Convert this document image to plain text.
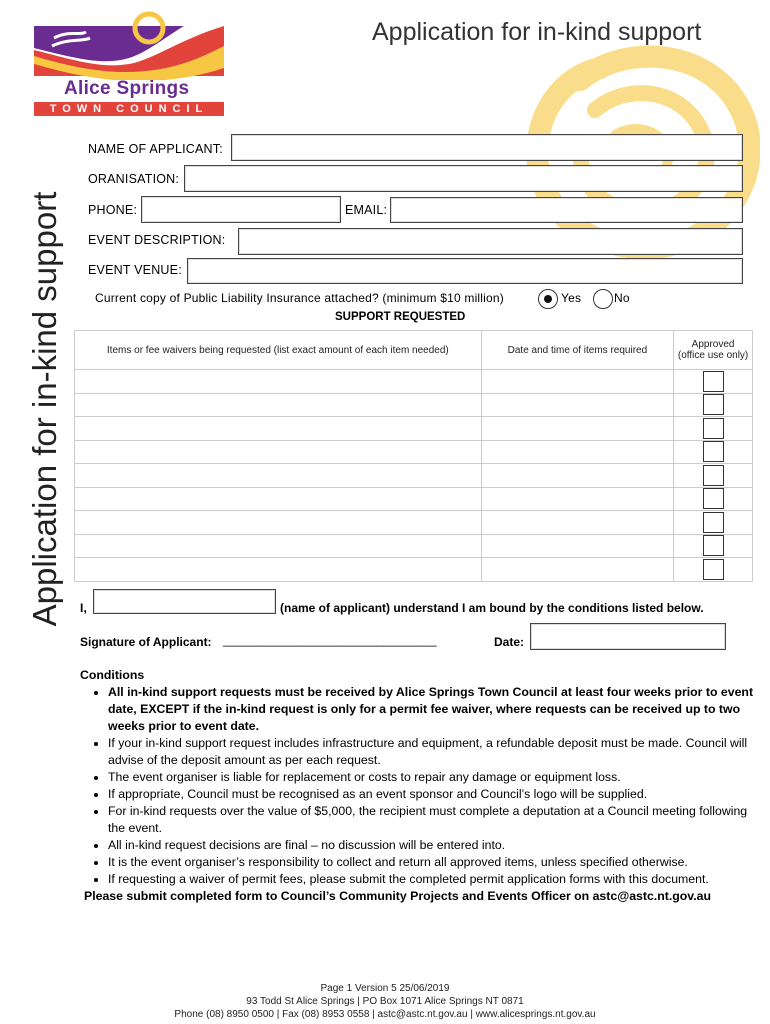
Alice Springs
TOWN COUNCIL
Application for in-kind support
Application for in-kind support
NAME OF APPLICANT:
ORANISATION:
PHONE:	EMAIL:
EVENT DESCRIPTION:
EVENT VENUE:
Current copy of Public Liability Insurance attached? (minimum $10 million)	Yes	No
SUPPORT REQUESTED
Items or fee waivers being requested (list exact amount of each item needed)	Date and time of items required	Approved
(office use only)

I,	(name of applicant) understand I am bound by the conditions listed below.
Signature of Applicant: ________________________________	Date:
Conditions
• All in-kind support requests must be received by Alice Springs Town Council at least four weeks prior to event date, EXCEPT if the in-kind request is only for a permit fee waiver, where requests can be received up to two weeks prior to event date.
• If your in-kind support request includes infrastructure and equipment, a refundable deposit must be made. Council will advise of the deposit amount as per each request.
• The event organiser is liable for replacement or costs to repair any damage or equipment loss.
• If appropriate, Council must be recognised as an event sponsor and Council’s logo will be supplied.
• For in-kind requests over the value of $5,000, the recipient must complete a deputation at a Council meeting following the event.
• All in-kind request decisions are final – no discussion will be entered into.
• It is the event organiser’s responsibility to collect and return all approved items, unless specified otherwise.
• If requesting a waiver of permit fees, please submit the completed permit application forms with this document.
Please submit completed form to Council’s Community Projects and Events Officer on astc@astc.nt.gov.au
Page 1 Version 5 25/06/2019
93 Todd St Alice Springs | PO Box 1071 Alice Springs NT 0871
Phone (08) 8950 0500 | Fax (08) 8953 0558 | astc@astc.nt.gov.au | www.alicesprings.nt.gov.au
